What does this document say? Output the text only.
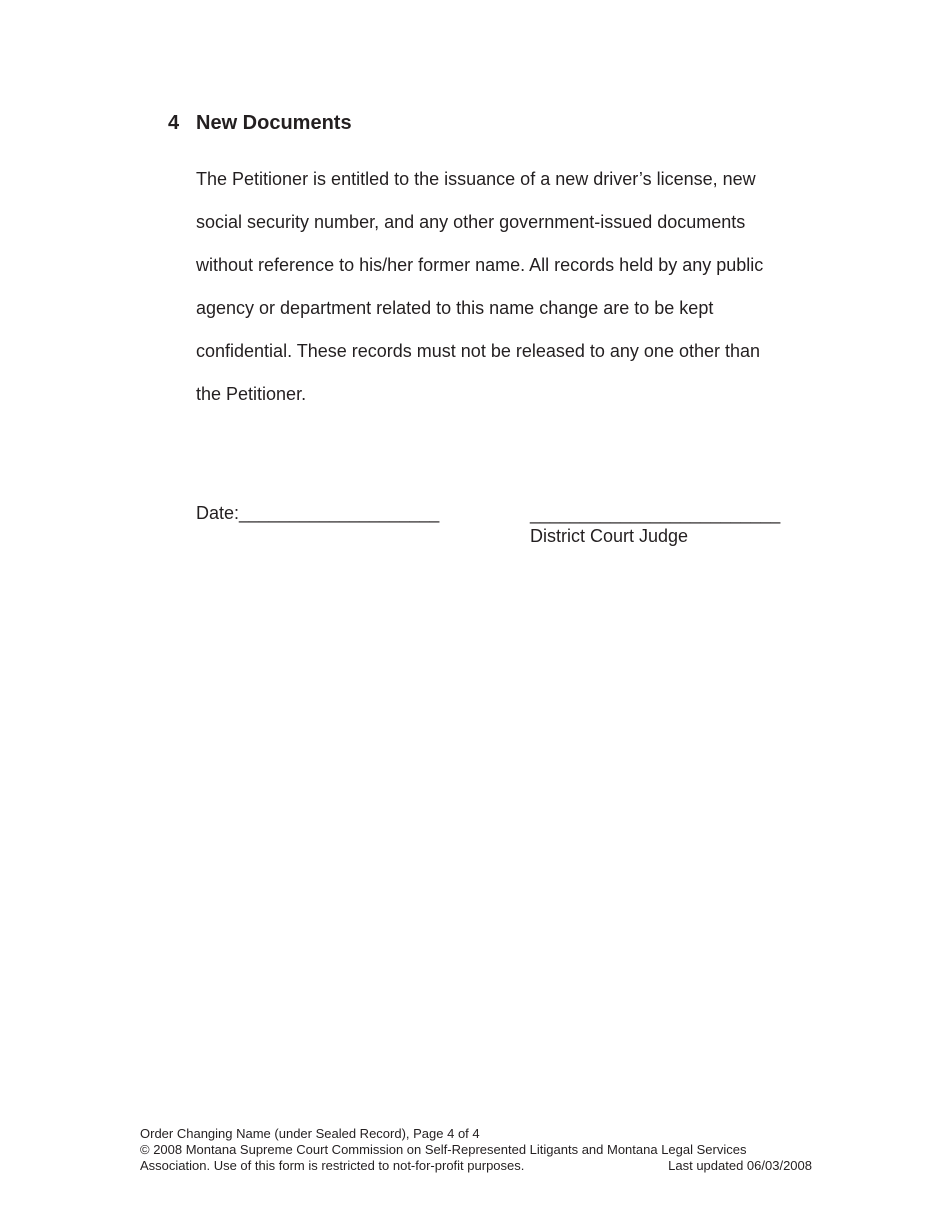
4 New Documents
The Petitioner is entitled to the issuance of a new driver’s license, new
social security number, and any other government-issued documents
without reference to his/her former name. All records held by any public
agency or department related to this name change are to be kept
confidential. These records must not be released to any one other than
the Petitioner.
Date:____________________	_________________________
District Court Judge
Order Changing Name (under Sealed Record), Page 4 of 4
© 2008 Montana Supreme Court Commission on Self-Represented Litigants and Montana Legal Services
Association. Use of this form is restricted to not-for-profit purposes.	Last updated 06/03/2008
